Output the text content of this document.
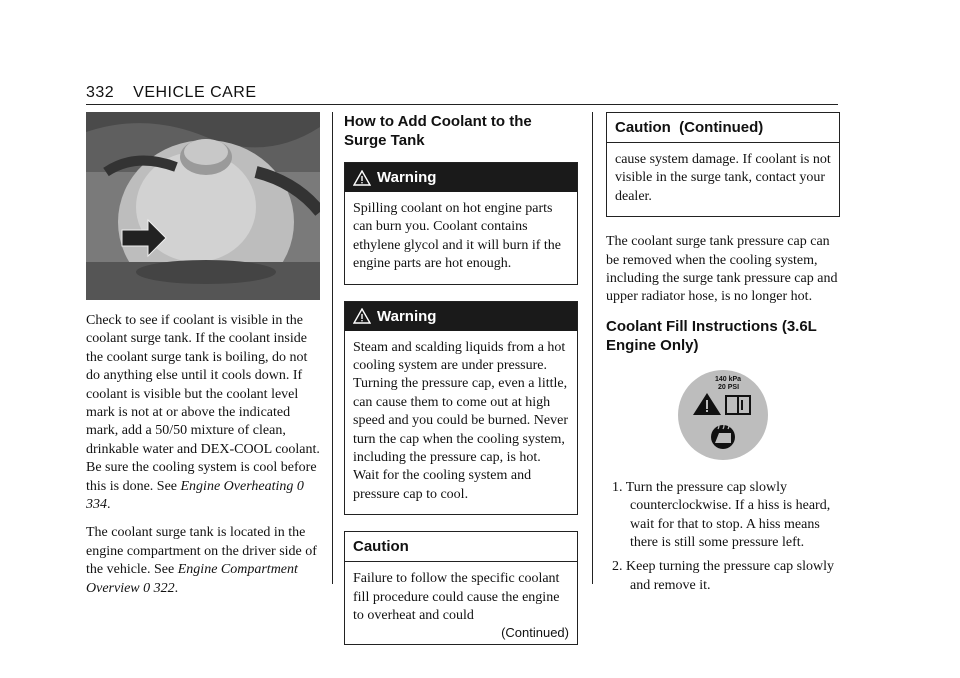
332 VEHICLE CARE

Check to see if coolant is visible in the coolant surge tank. If the coolant inside the coolant surge tank is boiling, do not do anything else until it cools down. If coolant is visible but the coolant level mark is not at or above the indicated mark, add a 50/50 mixture of clean, drinkable water and DEX-COOL coolant. Be sure the cooling system is cool before this is done. See Engine Overheating 0 334.

The coolant surge tank is located in the engine compartment on the driver side of the vehicle. See Engine Compartment Overview 0 322.

How to Add Coolant to the Surge Tank
Warning
Spilling coolant on hot engine parts can burn you. Coolant contains ethylene glycol and it will burn if the engine parts are hot enough.
Warning
Steam and scalding liquids from a hot cooling system are under pressure. Turning the pressure cap, even a little, can cause them to come out at high speed and you could be burned. Never turn the cap when the cooling system, including the pressure cap, is hot. Wait for the cooling system and pressure cap to cool.
Caution
Failure to follow the specific coolant fill procedure could cause the engine to overheat and could
(Continued)
Caution  (Continued)
cause system damage. If coolant is not visible in the surge tank, contact your dealer.

The coolant surge tank pressure cap can be removed when the cooling system, including the surge tank pressure cap and upper radiator hose, is no longer hot.

Coolant Fill Instructions (3.6L Engine Only)
140 kPa
20 PSI
1. Turn the pressure cap slowly counterclockwise. If a hiss is heard, wait for that to stop. A hiss means there is still some pressure left.
2. Keep turning the pressure cap slowly and remove it.
